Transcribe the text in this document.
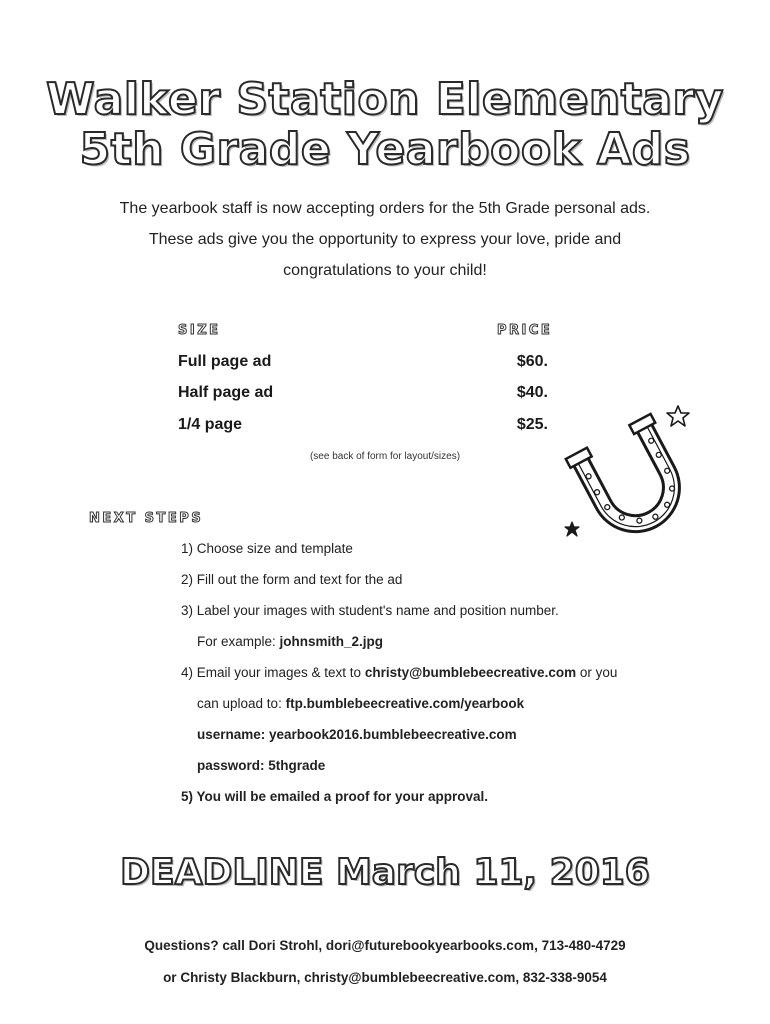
Walker Station Elementary
5th Grade Yearbook Ads
The yearbook staff is now accepting orders for the 5th Grade personal ads.
These ads give you the opportunity to express your love, pride and
congratulations to your child!
SIZE	PRICE
Full page ad	$60.
Half page ad	$40.
1/4 page	$25.
(see back of form for layout/sizes)
NEXT STEPS
1) Choose size and template
2) Fill out the form and text for the ad
3) Label your images with student's name and position number.
For example: johnsmith_2.jpg
4) Email your images & text to christy@bumblebeecreative.com or you
can upload to: ftp.bumblebeecreative.com/yearbook
username: yearbook2016.bumblebeecreative.com
password: 5thgrade
5) You will be emailed a proof for your approval.
DEADLINE March 11, 2016
Questions? call Dori Strohl, dori@futurebookyearbooks.com, 713-480-4729
or Christy Blackburn, christy@bumblebeecreative.com, 832-338-9054
